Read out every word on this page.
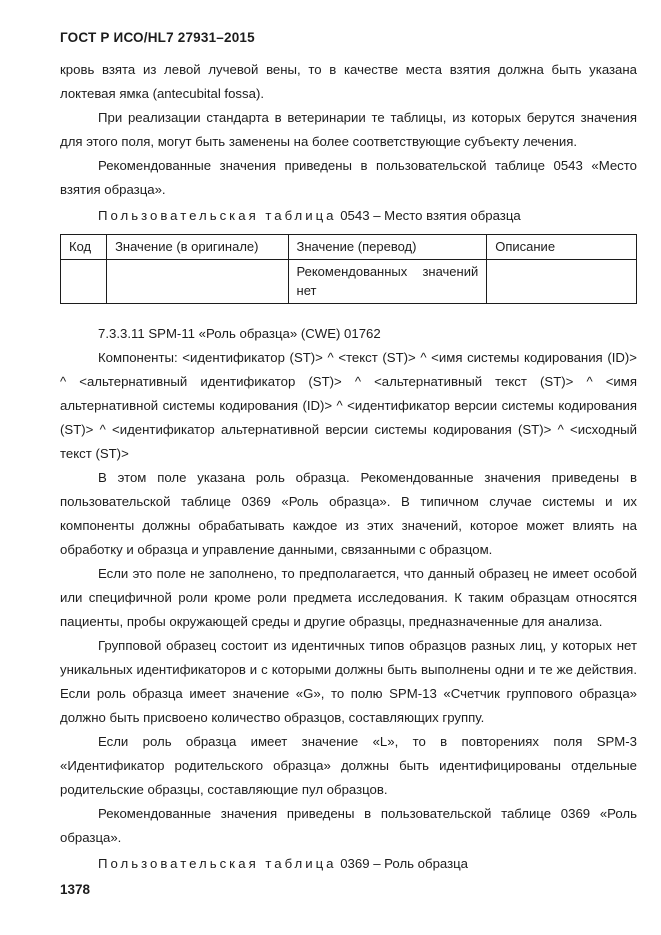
ГОСТ Р ИСО/HL7 27931–2015

кровь взята из левой лучевой вены, то в качестве места взятия должна быть указана локтевая ямка (antecubital fossa).

При реализации стандарта в ветеринарии те таблицы, из которых берутся значения для этого поля, могут быть заменены на более соответствующие субъекту лечения.

Рекомендованные значения приведены в пользовательской таблице 0543 «Место взятия образца».

Пользовательская таблица 0543 – Место взятия образца

Код	Значение (в оригинале)	Значение (перевод)	Описание
		Рекомендованных значений нет	

7.3.3.11 SPM-11 «Роль образца» (CWE) 01762

Компоненты: <идентификатор (ST)> ^ <текст (ST)> ^ <имя системы кодирования (ID)> ^ <альтернативный идентификатор (ST)> ^ <альтернативный текст (ST)> ^ <имя альтернативной системы кодирования (ID)> ^ <идентификатор версии системы кодирования (ST)> ^ <идентификатор альтернативной версии системы кодирования (ST)> ^ <исходный текст (ST)>

В этом поле указана роль образца. Рекомендованные значения приведены в пользовательской таблице 0369 «Роль образца». В типичном случае системы и их компоненты должны обрабатывать каждое из этих значений, которое может влиять на обработку и образца и управление данными, связанными с образцом.

Если это поле не заполнено, то предполагается, что данный образец не имеет особой или специфичной роли кроме роли предмета исследования. К таким образцам относятся пациенты, пробы окружающей среды и другие образцы, предназначенные для анализа.

Групповой образец состоит из идентичных типов образцов разных лиц, у которых нет уникальных идентификаторов и с которыми должны быть выполнены одни и те же действия. Если роль образца имеет значение «G», то полю SPM-13 «Счетчик группового образца» должно быть присвоено количество образцов, составляющих группу.

Если роль образца имеет значение «L», то в повторениях поля SPM-3 «Идентификатор родительского образца» должны быть идентифицированы отдельные родительские образцы, составляющие пул образцов.

Рекомендованные значения приведены в пользовательской таблице 0369 «Роль образца».

Пользовательская таблица 0369 – Роль образца

1378
